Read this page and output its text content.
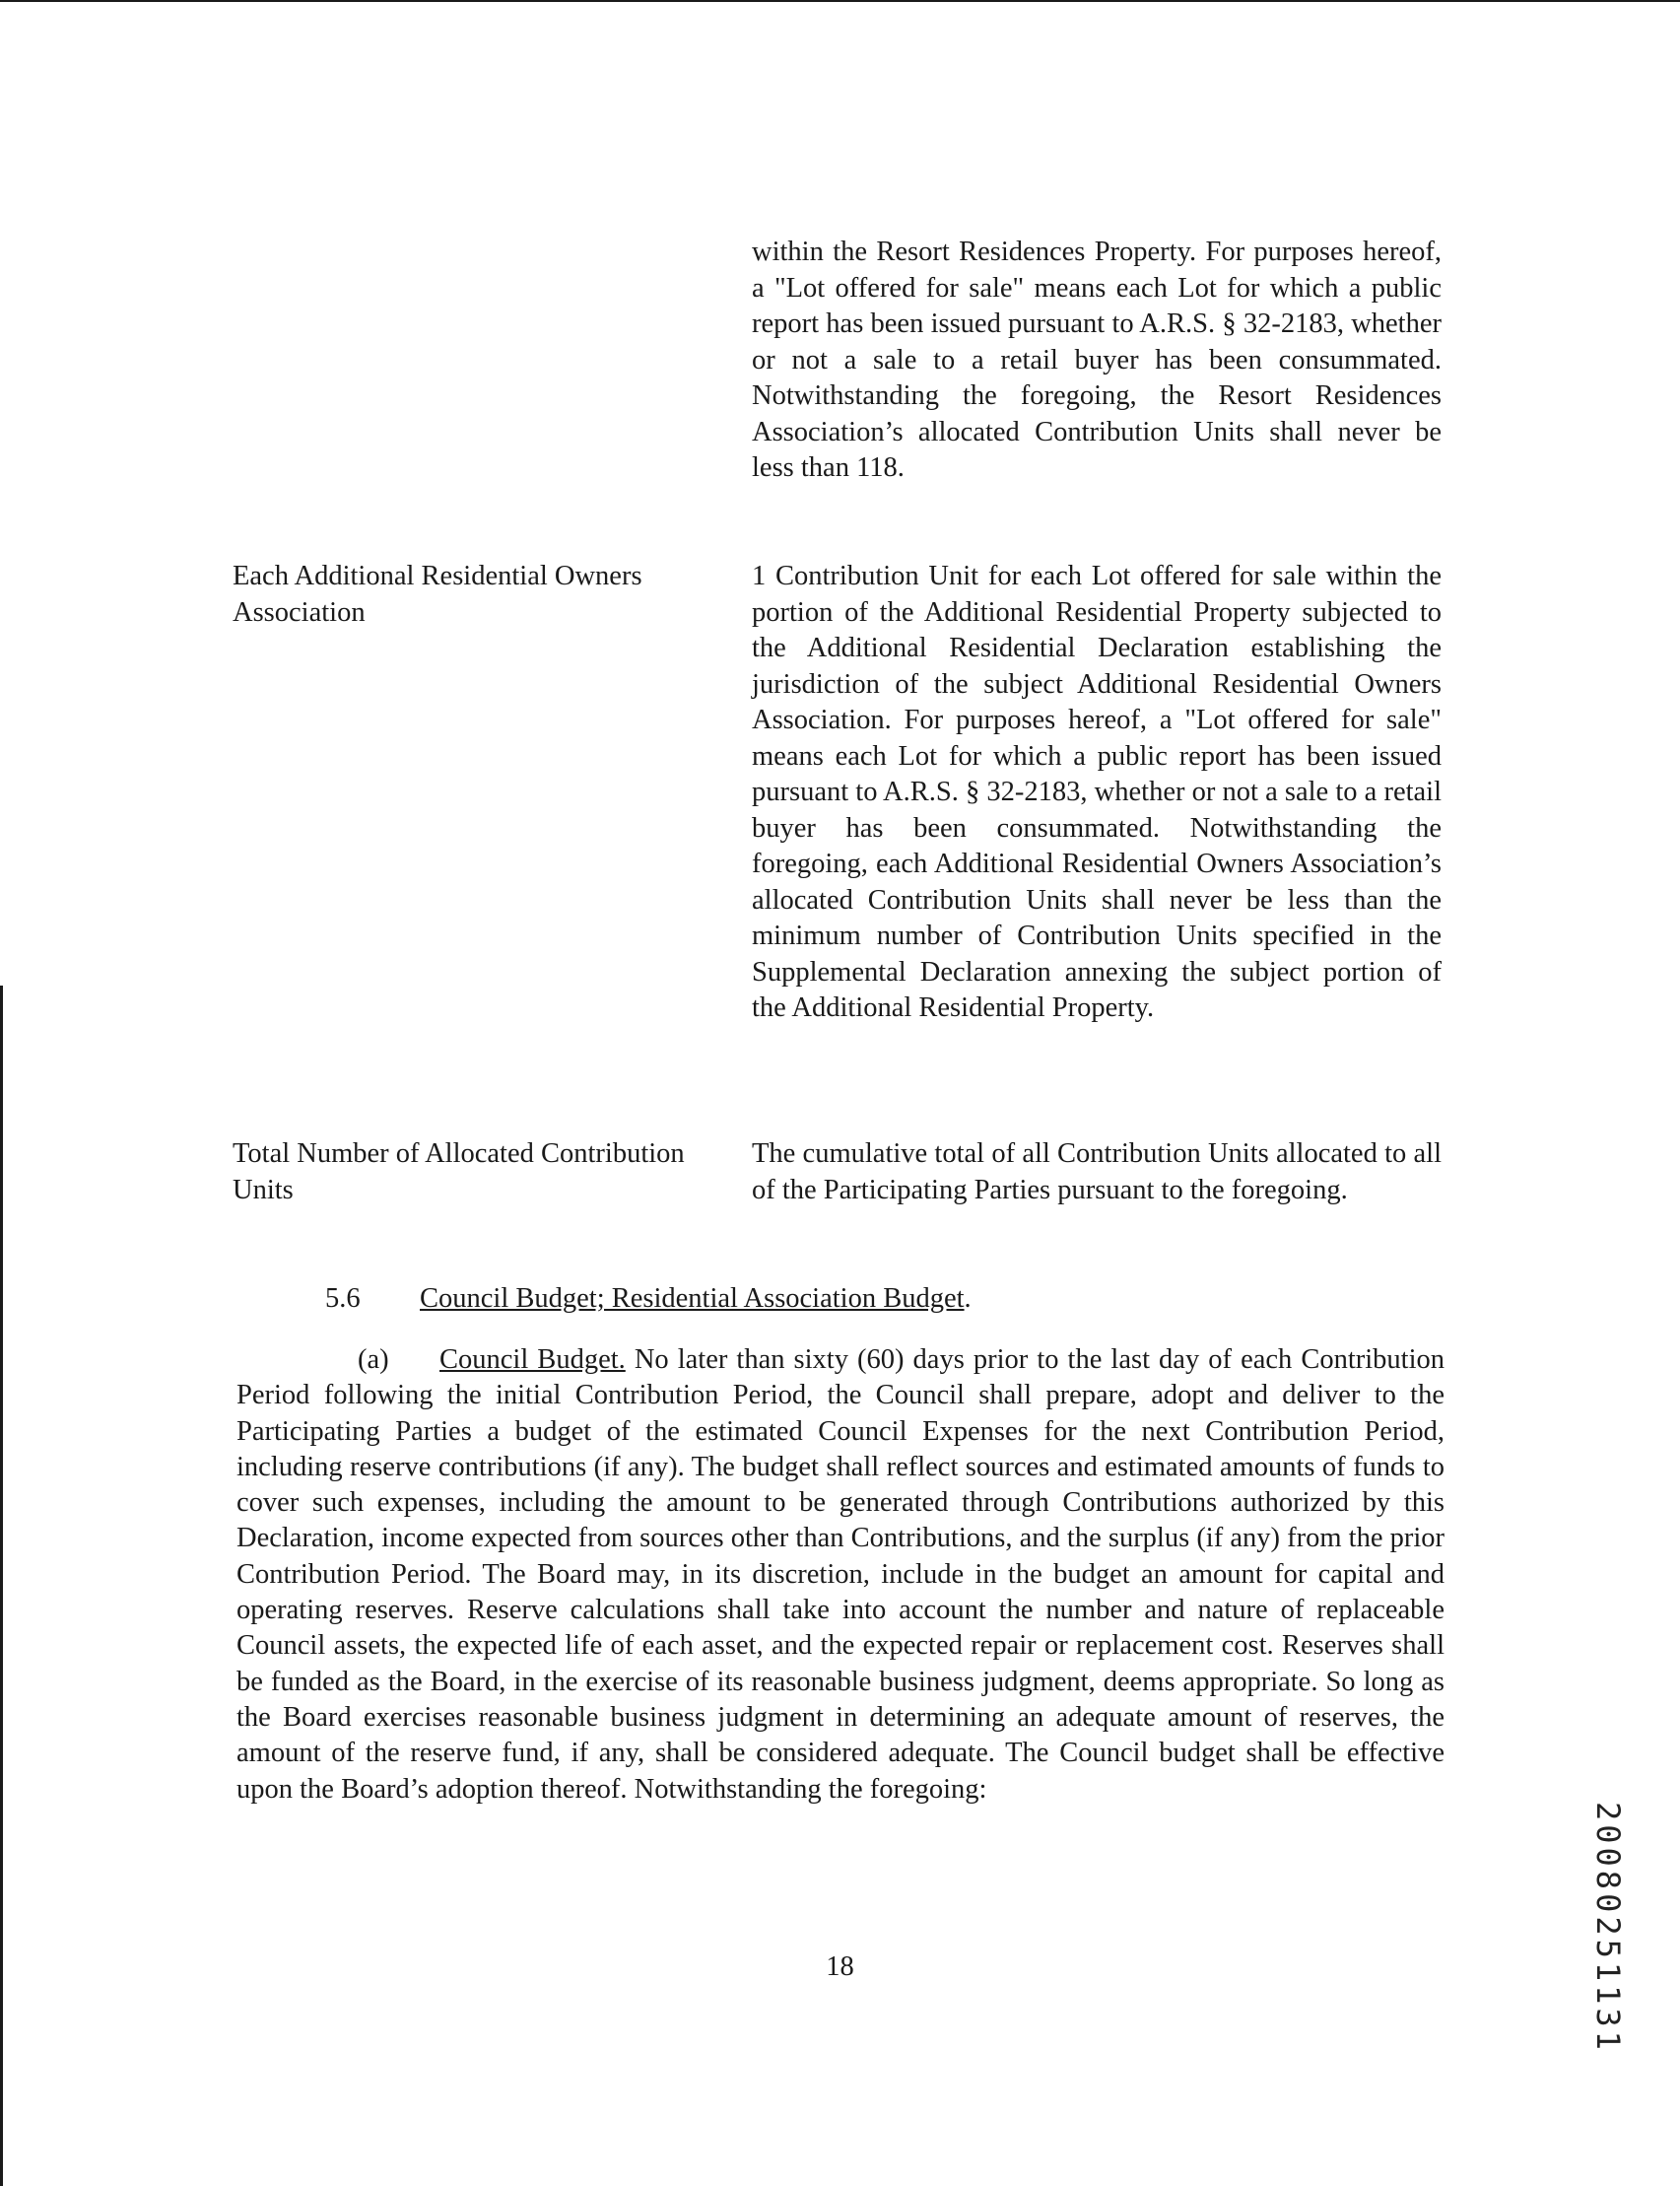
within the Resort Residences Property. For purposes hereof, a "Lot offered for sale" means each Lot for which a public report has been issued pursuant to A.R.S. § 32-2183, whether or not a sale to a retail buyer has been consummated. Notwithstanding the foregoing, the Resort Residences Association’s allocated Contribution Units shall never be less than 118.
Each Additional Residential Owners Association
1 Contribution Unit for each Lot offered for sale within the portion of the Additional Residential Property subjected to the Additional Residential Declaration establishing the jurisdiction of the subject Additional Residential Owners Association. For purposes hereof, a "Lot offered for sale" means each Lot for which a public report has been issued pursuant to A.R.S. § 32-2183, whether or not a sale to a retail buyer has been consummated. Notwithstanding the foregoing, each Additional Residential Owners Association’s allocated Contribution Units shall never be less than the minimum number of Contribution Units specified in the Supplemental Declaration annexing the subject portion of the Additional Residential Property.
Total Number of Allocated Contribution Units
The cumulative total of all Contribution Units allocated to all of the Participating Parties pursuant to the foregoing.
5.6 Council Budget; Residential Association Budget.
(a) Council Budget. No later than sixty (60) days prior to the last day of each Contribution Period following the initial Contribution Period, the Council shall prepare, adopt and deliver to the Participating Parties a budget of the estimated Council Expenses for the next Contribution Period, including reserve contributions (if any). The budget shall reflect sources and estimated amounts of funds to cover such expenses, including the amount to be generated through Contributions authorized by this Declaration, income expected from sources other than Contributions, and the surplus (if any) from the prior Contribution Period. The Board may, in its discretion, include in the budget an amount for capital and operating reserves. Reserve calculations shall take into account the number and nature of replaceable Council assets, the expected life of each asset, and the expected repair or replacement cost. Reserves shall be funded as the Board, in the exercise of its reasonable business judgment, deems appropriate. So long as the Board exercises reasonable business judgment in determining an adequate amount of reserves, the amount of the reserve fund, if any, shall be considered adequate. The Council budget shall be effective upon the Board’s adoption thereof. Notwithstanding the foregoing:
18	20080251131
